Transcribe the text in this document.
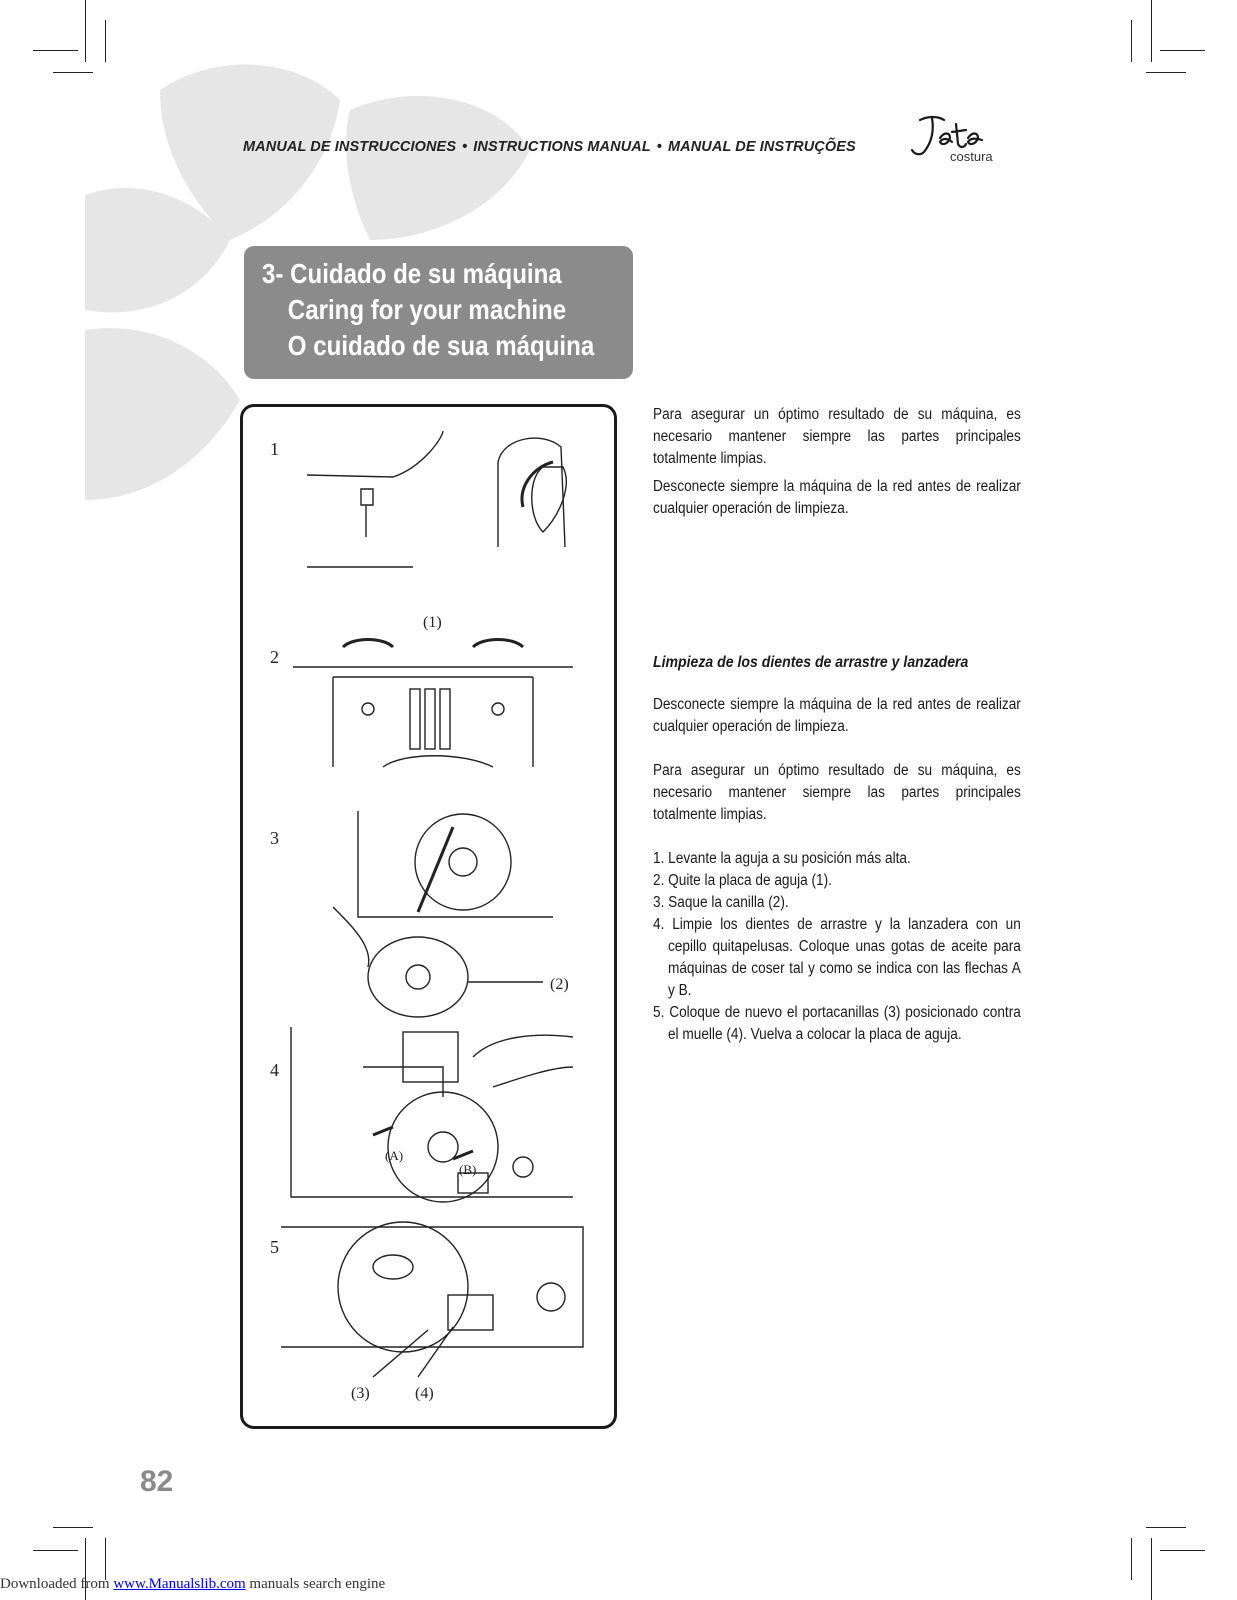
MANUAL DE INSTRUCCIONES • INSTRUCTIONS MANUAL • MANUAL DE INSTRUÇÕES
costura
3- Cuidado de su máquina
Caring for your machine
O cuidado de sua máquina
1
2
3
4
5
(1)
(2)
(A)
(B)
(3)	(4)

Para asegurar un óptimo resultado de su máquina, es necesario mantener siempre las partes principales totalmente limpias.

Desconecte siempre la máquina de la red antes de realizar cualquier operación de limpieza.

Limpieza de los dientes de arrastre y lanzadera

Desconecte siempre la máquina de la red antes de realizar cualquier operación de limpieza.

Para asegurar un óptimo resultado de su máquina, es necesario mantener siempre las partes principales totalmente limpias.

1. Levante la aguja a su posición más alta.
2. Quite la placa de aguja (1).
3. Saque la canilla (2).
4. Limpie los dientes de arrastre y la lanzadera con un cepillo quitapelusas. Coloque unas gotas de aceite para máquinas de coser tal y como se indica con las flechas A y B.
5. Coloque de nuevo el portacanillas (3) posicionado contra el muelle (4). Vuelva a colocar la placa de aguja.
82
Downloaded from www.Manualslib.com manuals search engine
